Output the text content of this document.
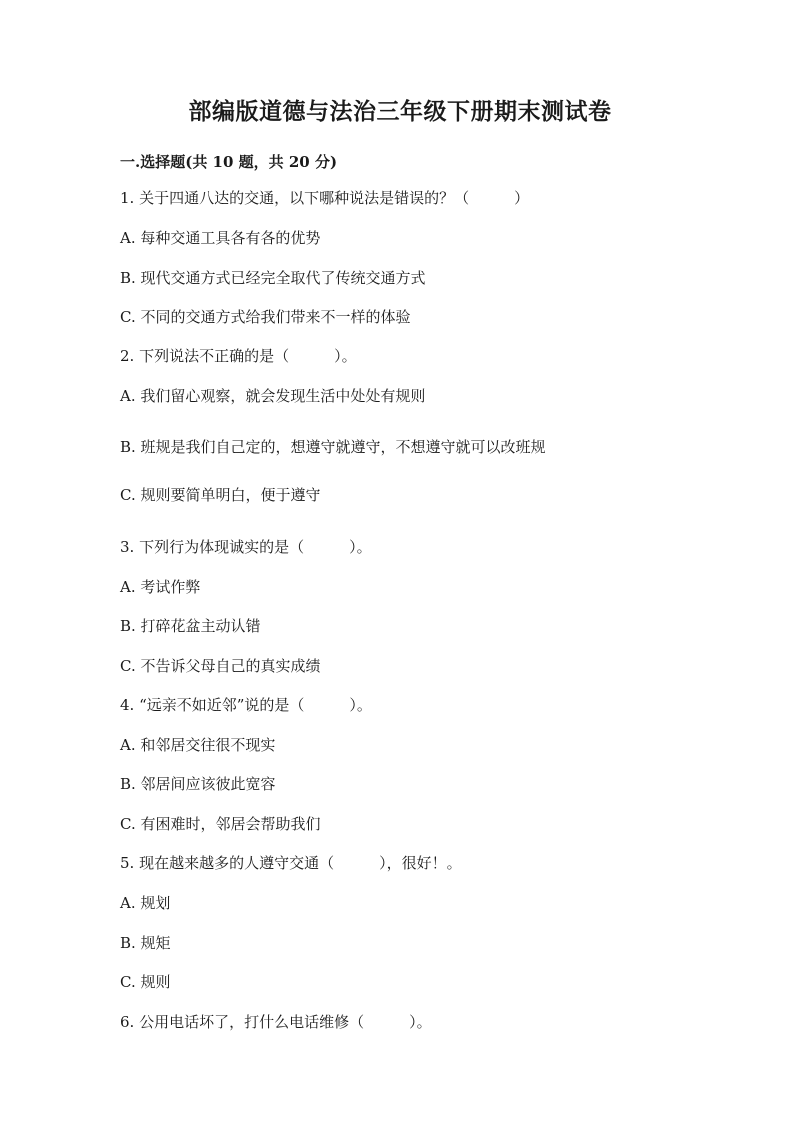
部编版道德与法治三年级下册期末测试卷
一.选择题(共 10 题，共 20 分)
1. 关于四通八达的交通，以下哪种说法是错误的？（　　　）
A. 每种交通工具各有各的优势
B. 现代交通方式已经完全取代了传统交通方式
C. 不同的交通方式给我们带来不一样的体验
2. 下列说法不正确的是（　　　）。
A. 我们留心观察，就会发现生活中处处有规则
B. 班规是我们自己定的，想遵守就遵守，不想遵守就可以改班规
C. 规则要简单明白，便于遵守
3. 下列行为体现诚实的是（　　　）。
A. 考试作弊
B. 打碎花盆主动认错
C. 不告诉父母自己的真实成绩
4. “远亲不如近邻”说的是（　　　）。
A. 和邻居交往很不现实
B. 邻居间应该彼此宽容
C. 有困难时，邻居会帮助我们
5. 现在越来越多的人遵守交通（　　　），很好！。
A. 规划
B. 规矩
C. 规则
6. 公用电话坏了，打什么电话维修（　　　）。
